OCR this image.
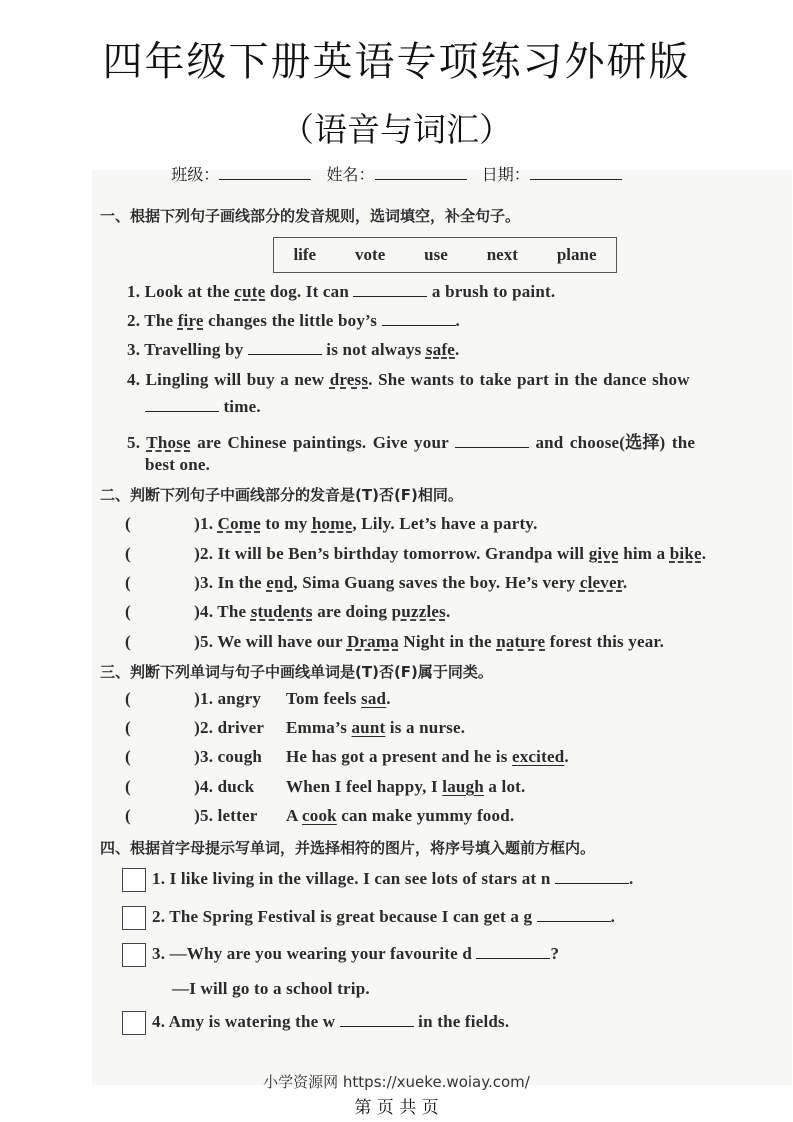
四年级下册英语专项练习外研版
（语音与词汇）
班级：	姓名：	日期：
一、根据下列句子画线部分的发音规则，选词填空，补全句子。
life vote use next plane
1. Look at the cute dog. It can	a brush to paint.
2. The fire changes the little boy’s	.
3. Travelling by	is not always safe.
4. Lingling will buy a new dress. She wants to take part in the dance show
time.
5. Those are Chinese paintings. Give your	and choose(选择) the
best one.
二、判断下列句子中画线部分的发音是(T)否(F)相同。
(	) 1. Come to my home, Lily. Let’s have a party.
(	) 2. It will be Ben’s birthday tomorrow. Grandpa will give him a bike.
(	) 3. In the end, Sima Guang saves the boy. He’s very clever.
(	) 4. The students are doing puzzles.
(	) 5. We will have our Drama Night in the nature forest this year.
三、判断下列单词与句子中画线单词是(T)否(F)属于同类。
(	) 1. angry Tom feels sad.
(	) 2. driver Emma’s aunt is a nurse.
(	) 3. cough He has got a present and he is excited.
(	) 4. duck When I feel happy, I laugh a lot.
(	) 5. letter A cook can make yummy food.
四、根据首字母提示写单词，并选择相符的图片，将序号填入题前方框内。
1. I like living in the village. I can see lots of stars at n	.
2. The Spring Festival is great because I can get a g	.
3. —Why are you wearing your favourite d	?
—I will go to a school trip.
4. Amy is watering the w	in the fields.
小学资源网 https://xueke.woiay.com/
第 页 共 页
